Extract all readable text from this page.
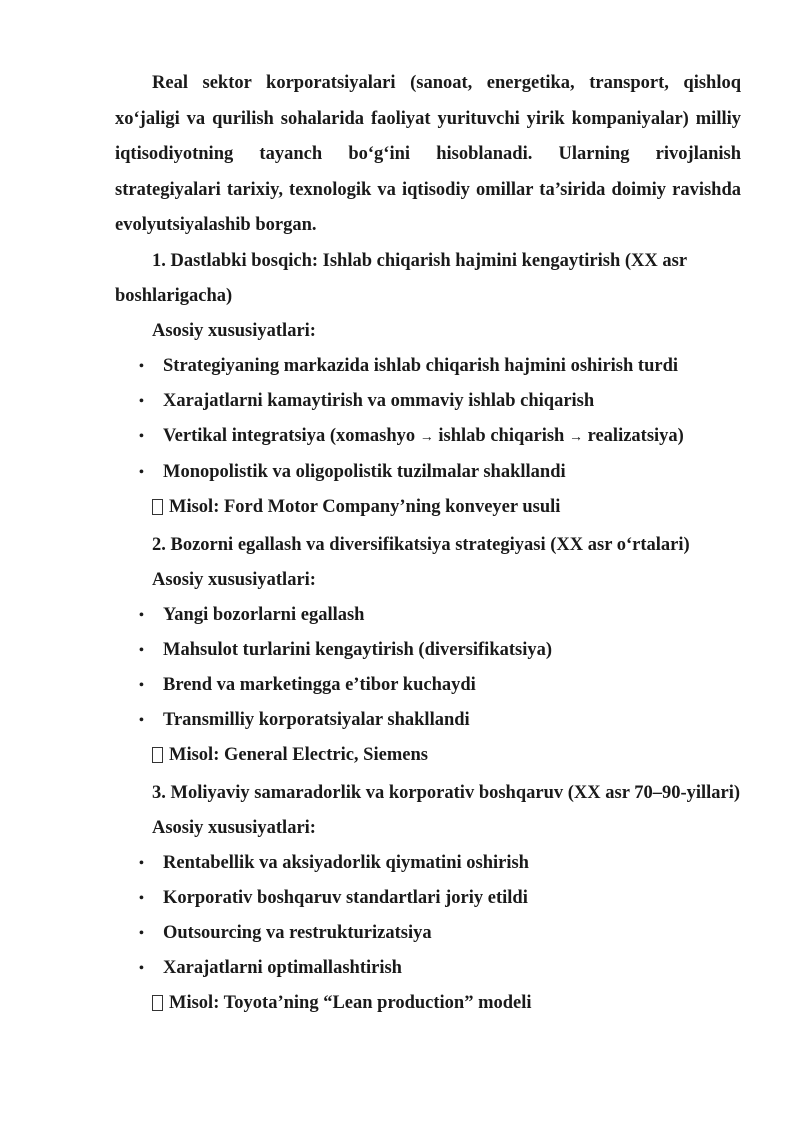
Real sektor korporatsiyalari (sanoat, energetika, transport, qishloq xo‘jaligi va qurilish sohalarida faoliyat yurituvchi yirik kompaniyalar) milliy iqtisodiyotning tayanch bo‘g‘ini hisoblanadi. Ularning rivojlanish strategiyalari tarixiy, texnologik va iqtisodiy omillar ta’sirida doimiy ravishda evolyutsiyalashib borgan.

1. Dastlabki bosqich: Ishlab chiqarish hajmini kengaytirish (XX asr boshlarigacha)

Asosiy xususiyatlari:

• Strategiyaning markazida ishlab chiqarish hajmini oshirish turdi
• Xarajatlarni kamaytirish va ommaviy ishlab chiqarish
• Vertikal integratsiya (xomashyo → ishlab chiqarish → realizatsiya)
• Monopolistik va oligopolistik tuzilmalar shakllandi
Misol: Ford Motor Company’ning konveyer usuli

2. Bozorni egallash va diversifikatsiya strategiyasi (XX asr o‘rtalari)

Asosiy xususiyatlari:

• Yangi bozorlarni egallash
• Mahsulot turlarini kengaytirish (diversifikatsiya)
• Brend va marketingga e’tibor kuchaydi
• Transmilliy korporatsiyalar shakllandi
Misol: General Electric, Siemens

3. Moliyaviy samaradorlik va korporativ boshqaruv (XX asr 70–90-yillari)

Asosiy xususiyatlari:

• Rentabellik va aksiyadorlik qiymatini oshirish
• Korporativ boshqaruv standartlari joriy etildi
• Outsourcing va restrukturizatsiya
• Xarajatlarni optimallashtirish
Misol: Toyota’ning “Lean production” modeli
